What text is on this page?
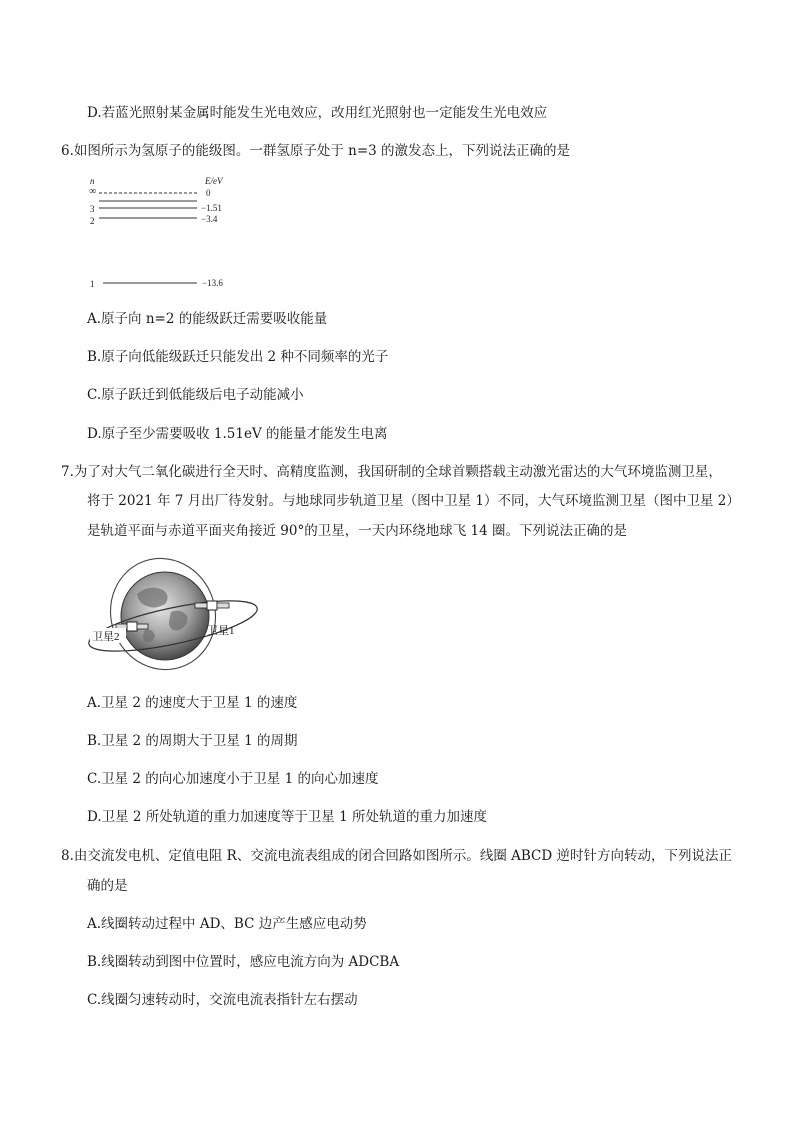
D.若蓝光照射某金属时能发生光电效应，改用红光照射也一定能发生光电效应
6.如图所示为氢原子的能级图。一群氢原子处于 n=3 的激发态上，下列说法正确的是
n	E/eV
∞	0
3	−1.51
2	−3.4
1	−13.6
A.原子向 n=2 的能级跃迁需要吸收能量
B.原子向低能级跃迁只能发出 2 种不同频率的光子
C.原子跃迁到低能级后电子动能减小
D.原子至少需要吸收 1.51eV 的能量才能发生电离
7.为了对大气二氧化碳进行全天时、高精度监测，我国研制的全球首颗搭载主动激光雷达的大气环境监测卫星，
将于 2021 年 7 月出厂待发射。与地球同步轨道卫星（图中卫星 1）不同，大气环境监测卫星（图中卫星 2）
是轨道平面与赤道平面夹角接近 90°的卫星，一天内环绕地球飞 14 圈。下列说法正确的是
卫星1
卫星2
A.卫星 2 的速度大于卫星 1 的速度
B.卫星 2 的周期大于卫星 1 的周期
C.卫星 2 的向心加速度小于卫星 1 的向心加速度
D.卫星 2 所处轨道的重力加速度等于卫星 1 所处轨道的重力加速度
8.由交流发电机、定值电阻 R、交流电流表组成的闭合回路如图所示。线圈 ABCD 逆时针方向转动，下列说法正
确的是
A.线圈转动过程中 AD、BC 边产生感应电动势
B.线圈转动到图中位置时，感应电流方向为 ADCBA
C.线圈匀速转动时，交流电流表指针左右摆动
